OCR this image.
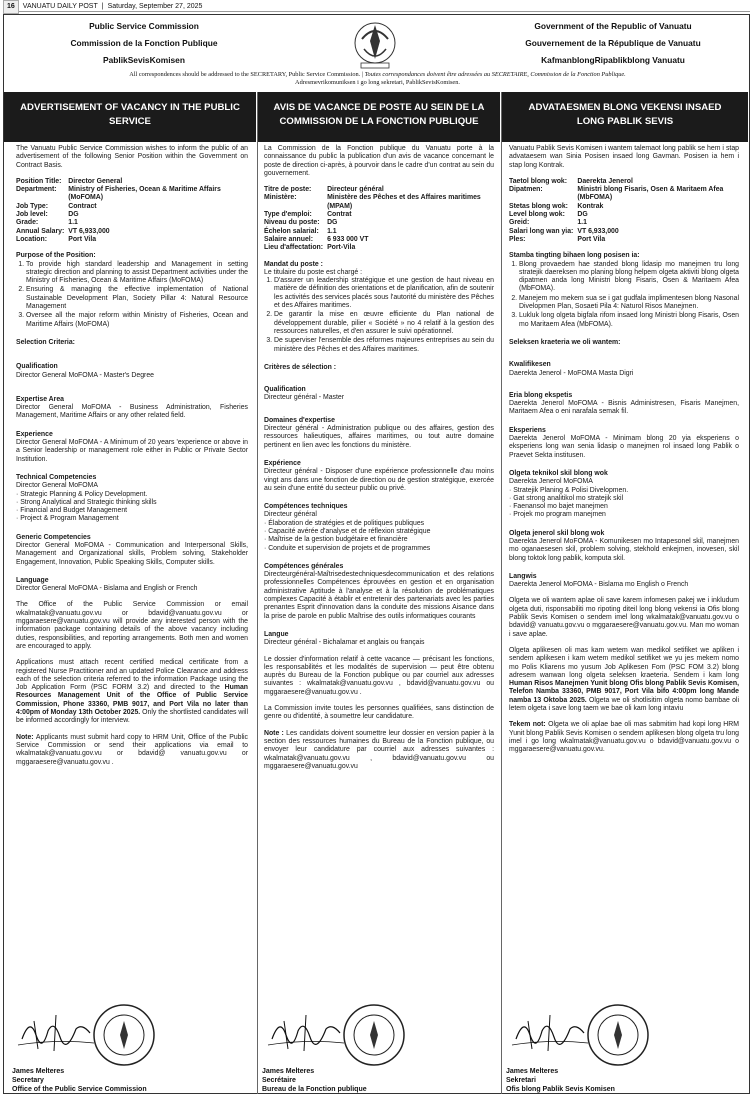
16 VANUATU DAILY POST | Saturday, September 27, 2025
Public Service Commission
Commission de la Fonction Publique
PablikSevisKomisen
Government of the Republic of Vanuatu
Gouvernement de la République de Vanuatu
KafmanblongRipablikblong Vanuatu
All correspondences should be addressed to the SECRETARY, Public Service Commission. | Toutes correspondances doivent être adressées au SECRETAIRE, Commission de la Fonction Publique.
Adresmevrikomuniksen i go long sekretari, PablikSevisKomisen.
ADVERTISEMENT OF VACANCY IN THE PUBLIC SERVICE
AVIS DE VACANCE DE POSTE AU SEIN DE LA COMMISSION DE LA FONCTION PUBLIQUE
ADVATAESMEN BLONG VEKENSI INSAED LONG PABLIK SEVIS

The Vanuatu Public Service Commission wishes to inform the public of an advertisement of the following Senior Position within the Government on Contract Basis.

Position Title:	Director General
Department:	Ministry of Fisheries, Ocean & Maritime Affairs (MoFOMA)
Job Type:	Contract
Job level:	DG
Grade:	1.1
Annual Salary:	VT 6,933,000
Location:	Port Vila
Purpose of the Position:
1. To provide high standard leadership and Management in setting strategic direction and planning to assist Department activities under the Ministry of Fisheries, Ocean & Maritime Affairs (MoFOMA)
2. Ensuring & managing the effective implementation of National Sustainable Development Plan, Society Pillar 4: Natural Resource Management
3. Oversee all the major reform within Ministry of Fisheries, Ocean and Maritime Affairs (MoFOMA)
Selection Criteria:
Qualification
Director General MoFOMA - Master's Degree
Expertise Area

Director General MoFOMA - Business Administration, Fisheries Management, Maritime Affairs or any other related field.

Experience

Director General MoFOMA - A Minimum of 20 years 'experience or above in a Senior leadership or management role either in Public or Private Sector Institution.

Technical Competencies
Director General MoFOMA
· Strategic Planning & Policy Development.
· Strong Analytical and Strategic thinking skills
· Financial and Budget Management
· Project & Program Management
Generic Competencies

Director General MoFOMA - Communication and Interpersonal Skills, Management and Organizational skills, Problem solving, Stakeholder Engagement, Innovation, Public Speaking Skills, Computer skills.

Language

Director General MoFOMA - Bislama and English or French

The Office of the Public Service Commission or email wkalmatak@vanuatu.gov.vu or bdavid@vanuatu.gov.vu or mggaraesere@vanuatu.gov.vu will provide any interested person with the information package containing details of the above vacancy including duties, responsibilities, and reporting arrangements. Both men and women are encouraged to apply.

Applications must attach recent certified medical certificate from a registered Nurse Practitioner and an updated Police Clearance and address each of the selection criteria referred to the information Package using the Job Application Form (PSC FORM 3.2) and directed to the Human Resources Management Unit of the Office of Public Service Commission, Phone 33360, PMB 9017, and Port Vila no later than 4:00pm of Monday 13th October 2025. Only the shortlisted candidates will be informed accordingly for interview.

Note: Applicants must submit hard copy to HRM Unit, Office of the Public Service Commission or send their applications via email to wkalmatak@vanuatu.gov.vu or bdavid@ vanuatu.gov.vu or mggaraesere@vanuatu.gov.vu .

La Commission de la Fonction publique du Vanuatu porte à la connaissance du public la publication d'un avis de vacance concernant le poste de direction ci-après, à pourvoir dans le cadre d'un contrat au sein du gouvernement.

Titre de poste:	Directeur général
Ministère:	Ministère des Pêches et des Affaires maritimes (MPAM)
Type d'emploi:	Contrat
Niveau du poste:	DG
Échelon salarial:	1.1
Salaire annuel:	6 933 000 VT
Lieu d'affectation:	Port-Vila
Mandat du poste :
Le titulaire du poste est chargé :
1. D'assurer un leadership stratégique et une gestion de haut niveau en matière de définition des orientations et de planification, afin de soutenir les activités des services placés sous l'autorité du ministère des Pêches et des Affaires maritimes.
2. De garantir la mise en œuvre efficiente du Plan national de développement durable, pilier « Société » no 4 relatif à la gestion des ressources naturelles, et d'en assurer le suivi opérationnel.
3. De superviser l'ensemble des réformes majeures entreprises au sein du ministère des Pêches et des Affaires maritimes.
Critères de sélection :
Qualification
Directeur général - Master
Domaines d'expertise

Directeur général - Administration publique ou des affaires, gestion des ressources halieutiques, affaires maritimes, ou tout autre domaine pertinent en lien avec les fonctions du ministère.

Expérience

Directeur général - Disposer d'une expérience professionnelle d'au moins vingt ans dans une fonction de direction ou de gestion stratégique, exercée au sein d'une entité du secteur public ou privé.

Compétences techniques
Directeur général
· Élaboration de stratégies et de politiques publiques
· Capacité avérée d'analyse et de réflexion stratégique
· Maîtrise de la gestion budgétaire et financière
· Conduite et supervision de projets et de programmes
Compétences générales

Directeurgénéral-Maîtrisedestechniquesdecommunication et des relations professionnelles Compétences éprouvées en gestion et en organisation administrative Aptitude à l'analyse et à la résolution de problématiques complexes Capacité à établir et entretenir des partenariats avec les parties prenantes Esprit d'innovation dans la conduite des missions Aisance dans la prise de parole en public Maîtrise des outils informatiques courants

Langue

Directeur général - Bichalamar et anglais ou français

Le dossier d'information relatif à cette vacance — précisant les fonctions, les responsabilités et les modalités de supervision — peut être obtenu auprès du Bureau de la Fonction publique ou par courriel aux adresses suivantes : wkalmatak@vanuatu.gov.vu , bdavid@vanuatu.gov.vu ou mggaraesere@vanuatu.gov.vu .

La Commission invite toutes les personnes qualifiées, sans distinction de genre ou d'identité, à soumettre leur candidature.

Note : Les candidats doivent soumettre leur dossier en version papier à la section des ressources humaines du Bureau de la Fonction publique, ou envoyer leur candidature par courriel aux adresses suivantes : wkalmatak@vanuatu.gov.vu , bdavid@vanuatu.gov.vu ou mggaraesere@vanuatu.gov.vu

Vanuatu Pablik Sevis Komisen i wantem talemaot long pablik se hem i stap advataesem wan Sinia Posisen insaed long Gavman. Posisen ia hem i stap long Kontrak.

Taetol blong wok:	Daerekta Jenerol
Dipatmen:	Ministri blong Fisaris, Osen & Maritaem Afea (MbFOMA)
Stetas blong wok:	Kontrak
Level blong wok:	DG
Greid:	1.1
Salari long wan yia:	VT 6,933,000
Ples:	Port Vila
Stamba tingting bihaen long posisen ia:
1. Blong provaedem hae standed blong lidasip mo manejmen tru long stratejik daereksen mo planing blong helpem olgeta aktiviti blong olgeta dipatmen anda long Ministri blong Fisaris, Osen & Maritaem Afea (MbFOMA).
2. Manejem mo mekem sua se i gat gudfala implimentesen blong Nasonal Divelopmen Plan, Sosaeti Pila 4: Naturol Risos Manejmen.
3. Lukluk long olgeta bigfala rifom insaed long Ministri blong Fisaris, Osen mo Maritaem Afea (MbFOMA).
Seleksen kraeteria we oli wantem:
Kwalifikesen
Daerekta Jenerol - MoFOMA Masta Digri
Eria blong ekspetis

Daerekta Jenerol MoFOMA - Bisnis Administresen, Fisaris Manejmen, Maritaem Afea o eni narafala semak fil.

Eksperiens

Daerekta Jenerol MoFOMA - Minimam blong 20 yia eksperiens o eksperiens long wan senia lidasip o manejmen rol insaed long Pablik o Praevet Sekta institusen.

Olgeta teknikol skil blong wok
Daerekta Jenerol MoFOMA
· Stratejik Planing & Polisi Divelopmen.
· Gat strong analitikol mo stratejik skil
· Faenansol mo bajet manejmen
· Projek mo program manejmen
Olgeta jenerol skil blong wok

Daerekta Jenerol MoFOMA - Komunikesen mo Intapesonel skil, manejmen mo oganaesesen skil, problem solving, stekhold enkejmen, inovesen, skil blong toktok long pablik, komputa skil.

Langwis

Daerekta Jenerol MoFOMA - Bislama mo English o French

Olgeta we oli wantem aplae oli save karem infomesen pakej we i inkludum olgeta duti, risponsabiliti mo ripoting diteil long blong vekensi ia Ofis blong Pablik Sevis Komisen o sendem imel long wkalmatak@vanuatu.gov.vu o bdavid@ vanuatu.gov.vu o mggaraesere@vanuatu.gov.vu. Man mo woman i save aplae.

Olgeta aplikesen oli mas kam wetem wan medikol setifiket we apliken i sendem aplikesen i kam wetem medikol setifiket we yu jes mekem nomo mo Polis Kliarens mo yusum Job Aplikesen Fom (PSC FOM 3.2) blong adresem wanwan long olgeta seleksen kraeteria. Sendem i kam long Human Risos Manejmen Yunit blong Ofis blong Pablik Sevis Komisen, Telefon Namba 33360, PMB 9017, Port Vila bifo 4:00pm long Mande namba 13 Oktoba 2025. Olgeta we oli shotlisitim olgeta nomo bambae oli letem olgeta i save long taem we bae oli kam long intaviu

Tekem not: Olgeta we oli aplae bae oli mas sabmitim had kopi long HRM Yunit blong Pablik Sevis Komisen o sendem aplikesen blong olgeta tru long imel i go long wkalmatak@vanuatu.gov.vu o bdavid@vanuatu.gov.vu o mggaraesere@vanuatu.gov.vu.

James Melteres
Secretary
Office of the Public Service Commission
James Melteres
Secrétaire
Bureau de la Fonction publique
James Melteres
Sekretari
Ofis blong Pablik Sevis Komisen
